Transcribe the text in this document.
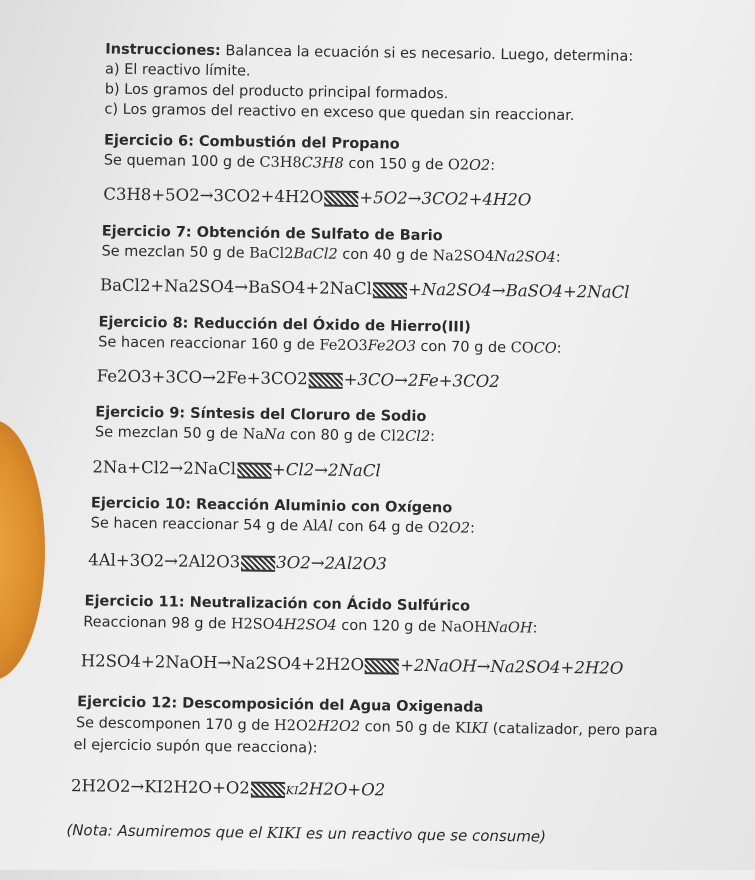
Instrucciones: Balancea la ecuación si es necesario. Luego, determina:
a) El reactivo límite.
b) Los gramos del producto principal formados.
c) Los gramos del reactivo en exceso que quedan sin reaccionar.
Ejercicio 6: Combustión del Propano
Se queman 100 g de C3H8C3H8 con 150 g de O2O2:
C3H8+5O2→3CO2+4H2O +5O2→3CO2+4H2O
Ejercicio 7: Obtención de Sulfato de Bario
Se mezclan 50 g de BaCl2BaCl2 con 40 g de Na2SO4Na2SO4:
BaCl2+Na2SO4→BaSO4+2NaCl +Na2SO4→BaSO4+2NaCl
Ejercicio 8: Reducción del Óxido de Hierro(III)
Se hacen reaccionar 160 g de Fe2O3Fe2O3 con 70 g de COCO:
Fe2O3+3CO→2Fe+3CO2 +3CO→2Fe+3CO2
Ejercicio 9: Síntesis del Cloruro de Sodio
Se mezclan 50 g de NaNa con 80 g de Cl2Cl2:
2Na+Cl2→2NaCl +Cl2→2NaCl
Ejercicio 10: Reacción Aluminio con Oxígeno
Se hacen reaccionar 54 g de AlAl con 64 g de O2O2:
4Al+3O2→2Al2O3 3O2→2Al2O3
Ejercicio 11: Neutralización con Ácido Sulfúrico
Reaccionan 98 g de H2SO4H2SO4 con 120 g de NaOHNaOH:
H2SO4+2NaOH→Na2SO4+2H2O +2NaOH→Na2SO4+2H2O
Ejercicio 12: Descomposición del Agua Oxigenada
Se descomponen 170 g de H2O2H2O2 con 50 g de KIKI (catalizador, pero para
el ejercicio supón que reacciona):
2H2O2→KI2H2O+O2	KI2H2O+O2
(Nota: Asumiremos que el KIKI es un reactivo que se consume)
